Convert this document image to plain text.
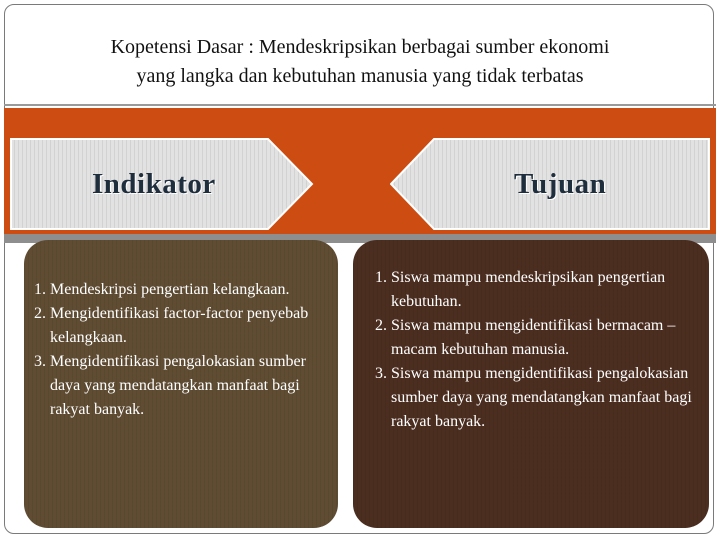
Kopetensi Dasar : Mendeskripsikan berbagai sumber ekonomi
yang langka dan kebutuhan manusia yang tidak terbatas
Indikator	Tujuan
1. Mendeskripsi pengertian kelangkaan.
2. Mengidentifikasi factor-factor penyebab kelangkaan.
3. Mengidentifikasi pengalokasian sumber daya yang mendatangkan manfaat bagi rakyat banyak.
1. Siswa mampu mendeskripsikan pengertian kebutuhan.
2. Siswa mampu mengidentifikasi bermacam – macam kebutuhan manusia.
3. Siswa mampu mengidentifikasi pengalokasian sumber daya yang mendatangkan manfaat bagi rakyat banyak.
